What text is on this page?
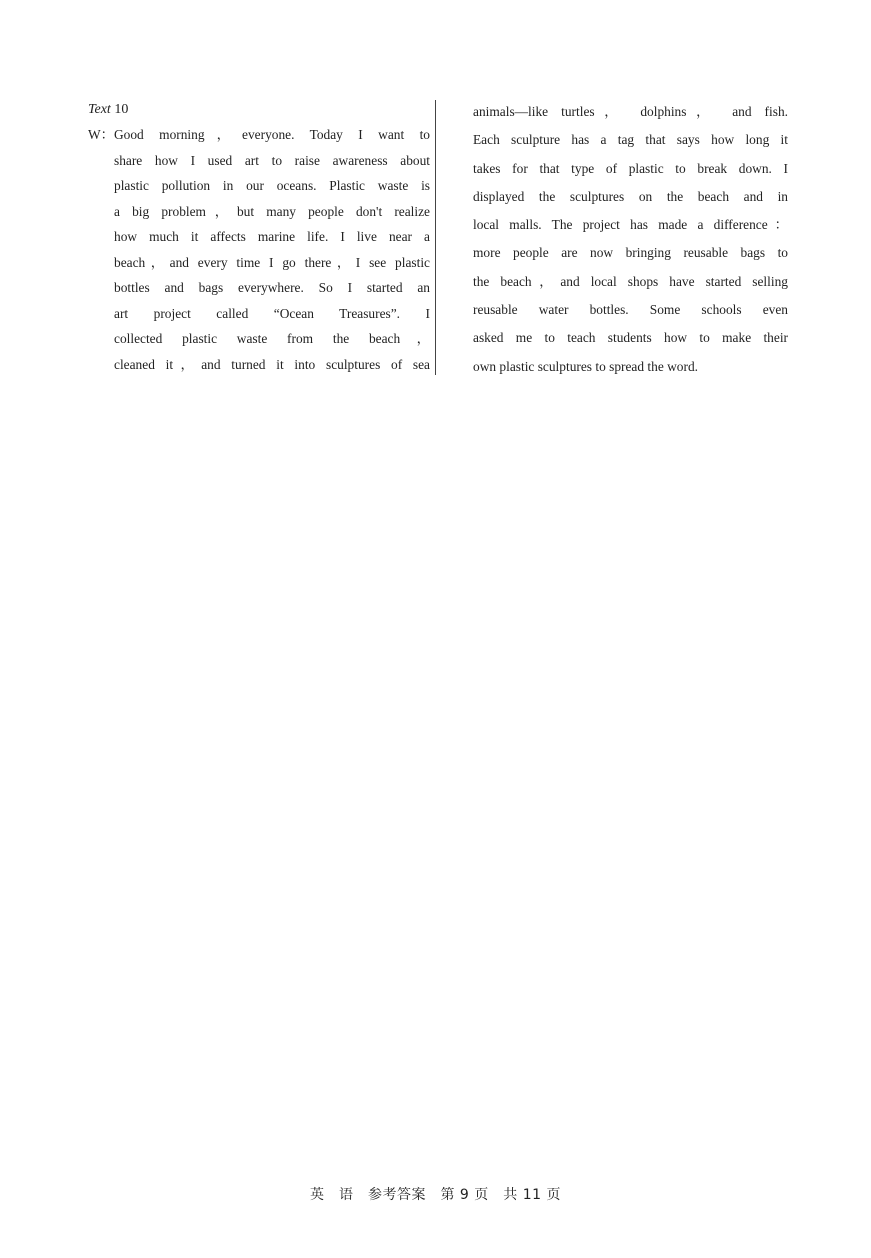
Text 10
W： Good morning，everyone. Today I want to
share how I used art to raise awareness about
plastic pollution in our oceans. Plastic waste is
a big problem，but many people don't realize
how much it affects marine life. I live near a
beach，and every time I go there，I see plastic
bottles and bags everywhere. So I started an
art project called “Ocean Treasures”. I
collected plastic waste from the beach，
cleaned it，and turned it into sculptures of sea
animals—like turtles， dolphins， and fish.
Each sculpture has a tag that says how long it
takes for that type of plastic to break down. I
displayed the sculptures on the beach and in
local malls. The project has made a difference：
more people are now bringing reusable bags to
the beach，and local shops have started selling
reusable water bottles. Some schools even
asked me to teach students how to make their
own plastic sculptures to spread the word.
英　语　参考答案　第 9 页　共 11 页
